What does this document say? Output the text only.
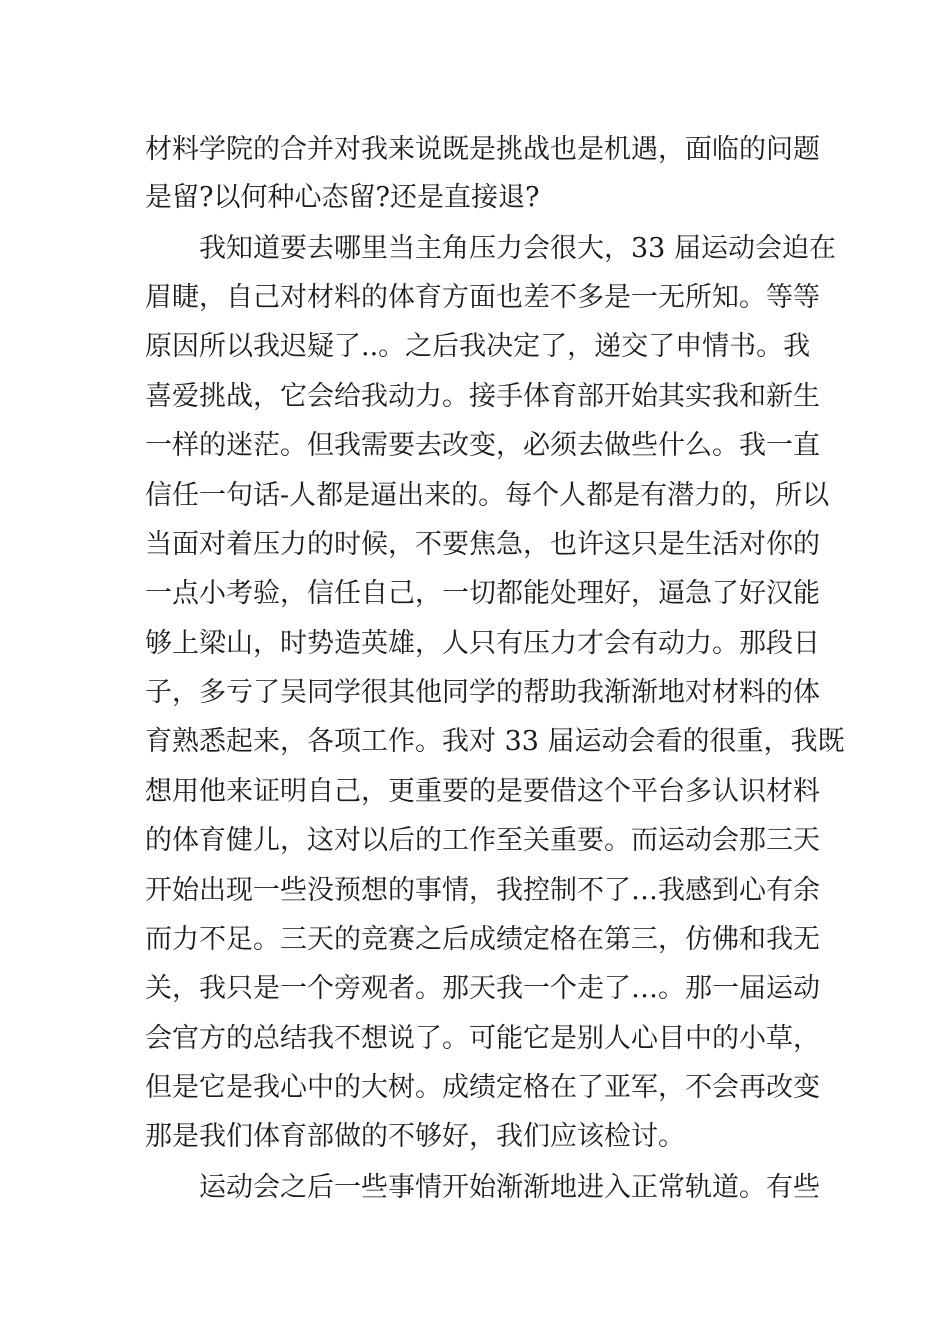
材料学院的合并对我来说既是挑战也是机遇，面临的问题
是留?以何种心态留?还是直接退?
我知道要去哪里当主角压力会很大，33 届运动会迫在
眉睫，自己对材料的体育方面也差不多是一无所知。等等
原因所以我迟疑了..。之后我决定了，递交了申情书。我
喜爱挑战，它会给我动力。接手体育部开始其实我和新生
一样的迷茫。但我需要去改变，必须去做些什么。我一直
信任一句话-人都是逼出来的。每个人都是有潜力的，所以
当面对着压力的时候，不要焦急，也许这只是生活对你的
一点小考验，信任自己，一切都能处理好，逼急了好汉能
够上梁山，时势造英雄，人只有压力才会有动力。那段日
子，多亏了吴同学很其他同学的帮助我渐渐地对材料的体
育熟悉起来，各项工作。我对 33 届运动会看的很重，我既
想用他来证明自己，更重要的是要借这个平台多认识材料
的体育健儿，这对以后的工作至关重要。而运动会那三天
开始出现一些没预想的事情，我控制不了…我感到心有余
而力不足。三天的竞赛之后成绩定格在第三，仿佛和我无
关，我只是一个旁观者。那天我一个走了…。那一届运动
会官方的总结我不想说了。可能它是别人心目中的小草，
但是它是我心中的大树。成绩定格在了亚军，不会再改变
那是我们体育部做的不够好，我们应该检讨。
运动会之后一些事情开始渐渐地进入正常轨道。有些
